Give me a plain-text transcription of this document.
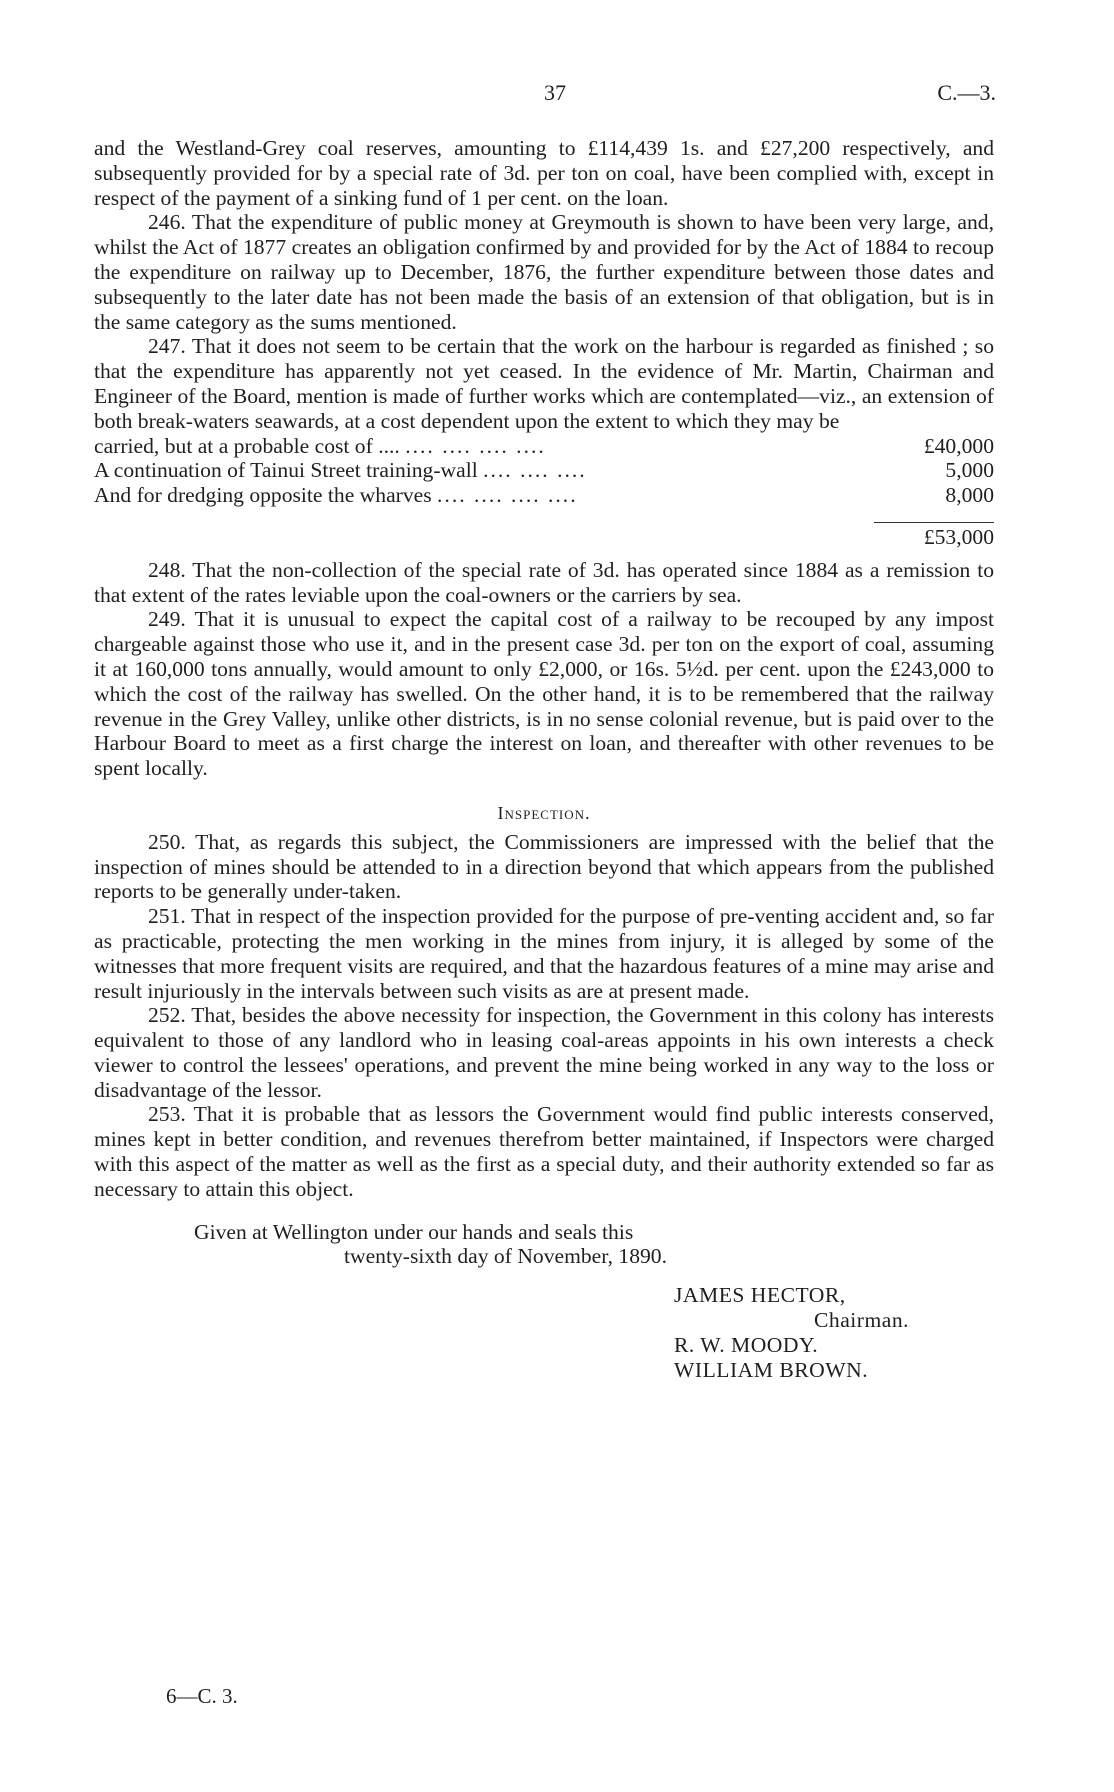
37	C.—3.

and the Westland-Grey coal reserves, amounting to £114,439 1s. and £27,200 respectively, and subsequently provided for by a special rate of 3d. per ton on coal, have been complied with, except in respect of the payment of a sinking fund of 1 per cent. on the loan.

246. That the expenditure of public money at Greymouth is shown to have been very large, and, whilst the Act of 1877 creates an obligation confirmed by and provided for by the Act of 1884 to recoup the expenditure on railway up to December, 1876, the further expenditure between those dates and subsequently to the later date has not been made the basis of an extension of that obligation, but is in the same category as the sums mentioned.

247. That it does not seem to be certain that the work on the harbour is regarded as finished ; so that the expenditure has apparently not yet ceased. In the evidence of Mr. Martin, Chairman and Engineer of the Board, mention is made of further works which are contemplated—viz., an extension of both break-waters seawards, at a cost dependent upon the extent to which they may be

carried, but at a probable cost of .... .... .... .... ....	£40,000
A continuation of Tainui Street training-wall .... .... ....	5,000
And for dredging opposite the wharves .... .... .... ....	8,000
£53,000

248. That the non-collection of the special rate of 3d. has operated since 1884 as a remission to that extent of the rates leviable upon the coal-owners or the carriers by sea.

249. That it is unusual to expect the capital cost of a railway to be recouped by any impost chargeable against those who use it, and in the present case 3d. per ton on the export of coal, assuming it at 160,000 tons annually, would amount to only £2,000, or 16s. 5½d. per cent. upon the £243,000 to which the cost of the railway has swelled. On the other hand, it is to be remembered that the railway revenue in the Grey Valley, unlike other districts, is in no sense colonial revenue, but is paid over to the Harbour Board to meet as a first charge the interest on loan, and thereafter with other revenues to be spent locally.

Inspection.

250. That, as regards this subject, the Commissioners are impressed with the belief that the inspection of mines should be attended to in a direction beyond that which appears from the published reports to be generally under-taken.

251. That in respect of the inspection provided for the purpose of pre-venting accident and, so far as practicable, protecting the men working in the mines from injury, it is alleged by some of the witnesses that more frequent visits are required, and that the hazardous features of a mine may arise and result injuriously in the intervals between such visits as are at present made.

252. That, besides the above necessity for inspection, the Government in this colony has interests equivalent to those of any landlord who in leasing coal-areas appoints in his own interests a check viewer to control the lessees' operations, and prevent the mine being worked in any way to the loss or disadvantage of the lessor.

253. That it is probable that as lessors the Government would find public interests conserved, mines kept in better condition, and revenues therefrom better maintained, if Inspectors were charged with this aspect of the matter as well as the first as a special duty, and their authority extended so far as necessary to attain this object.

Given at Wellington under our hands and seals this
twenty-sixth day of November, 1890.
JAMES HECTOR,
Chairman.
R. W. MOODY.
WILLIAM BROWN.
6—C. 3.
